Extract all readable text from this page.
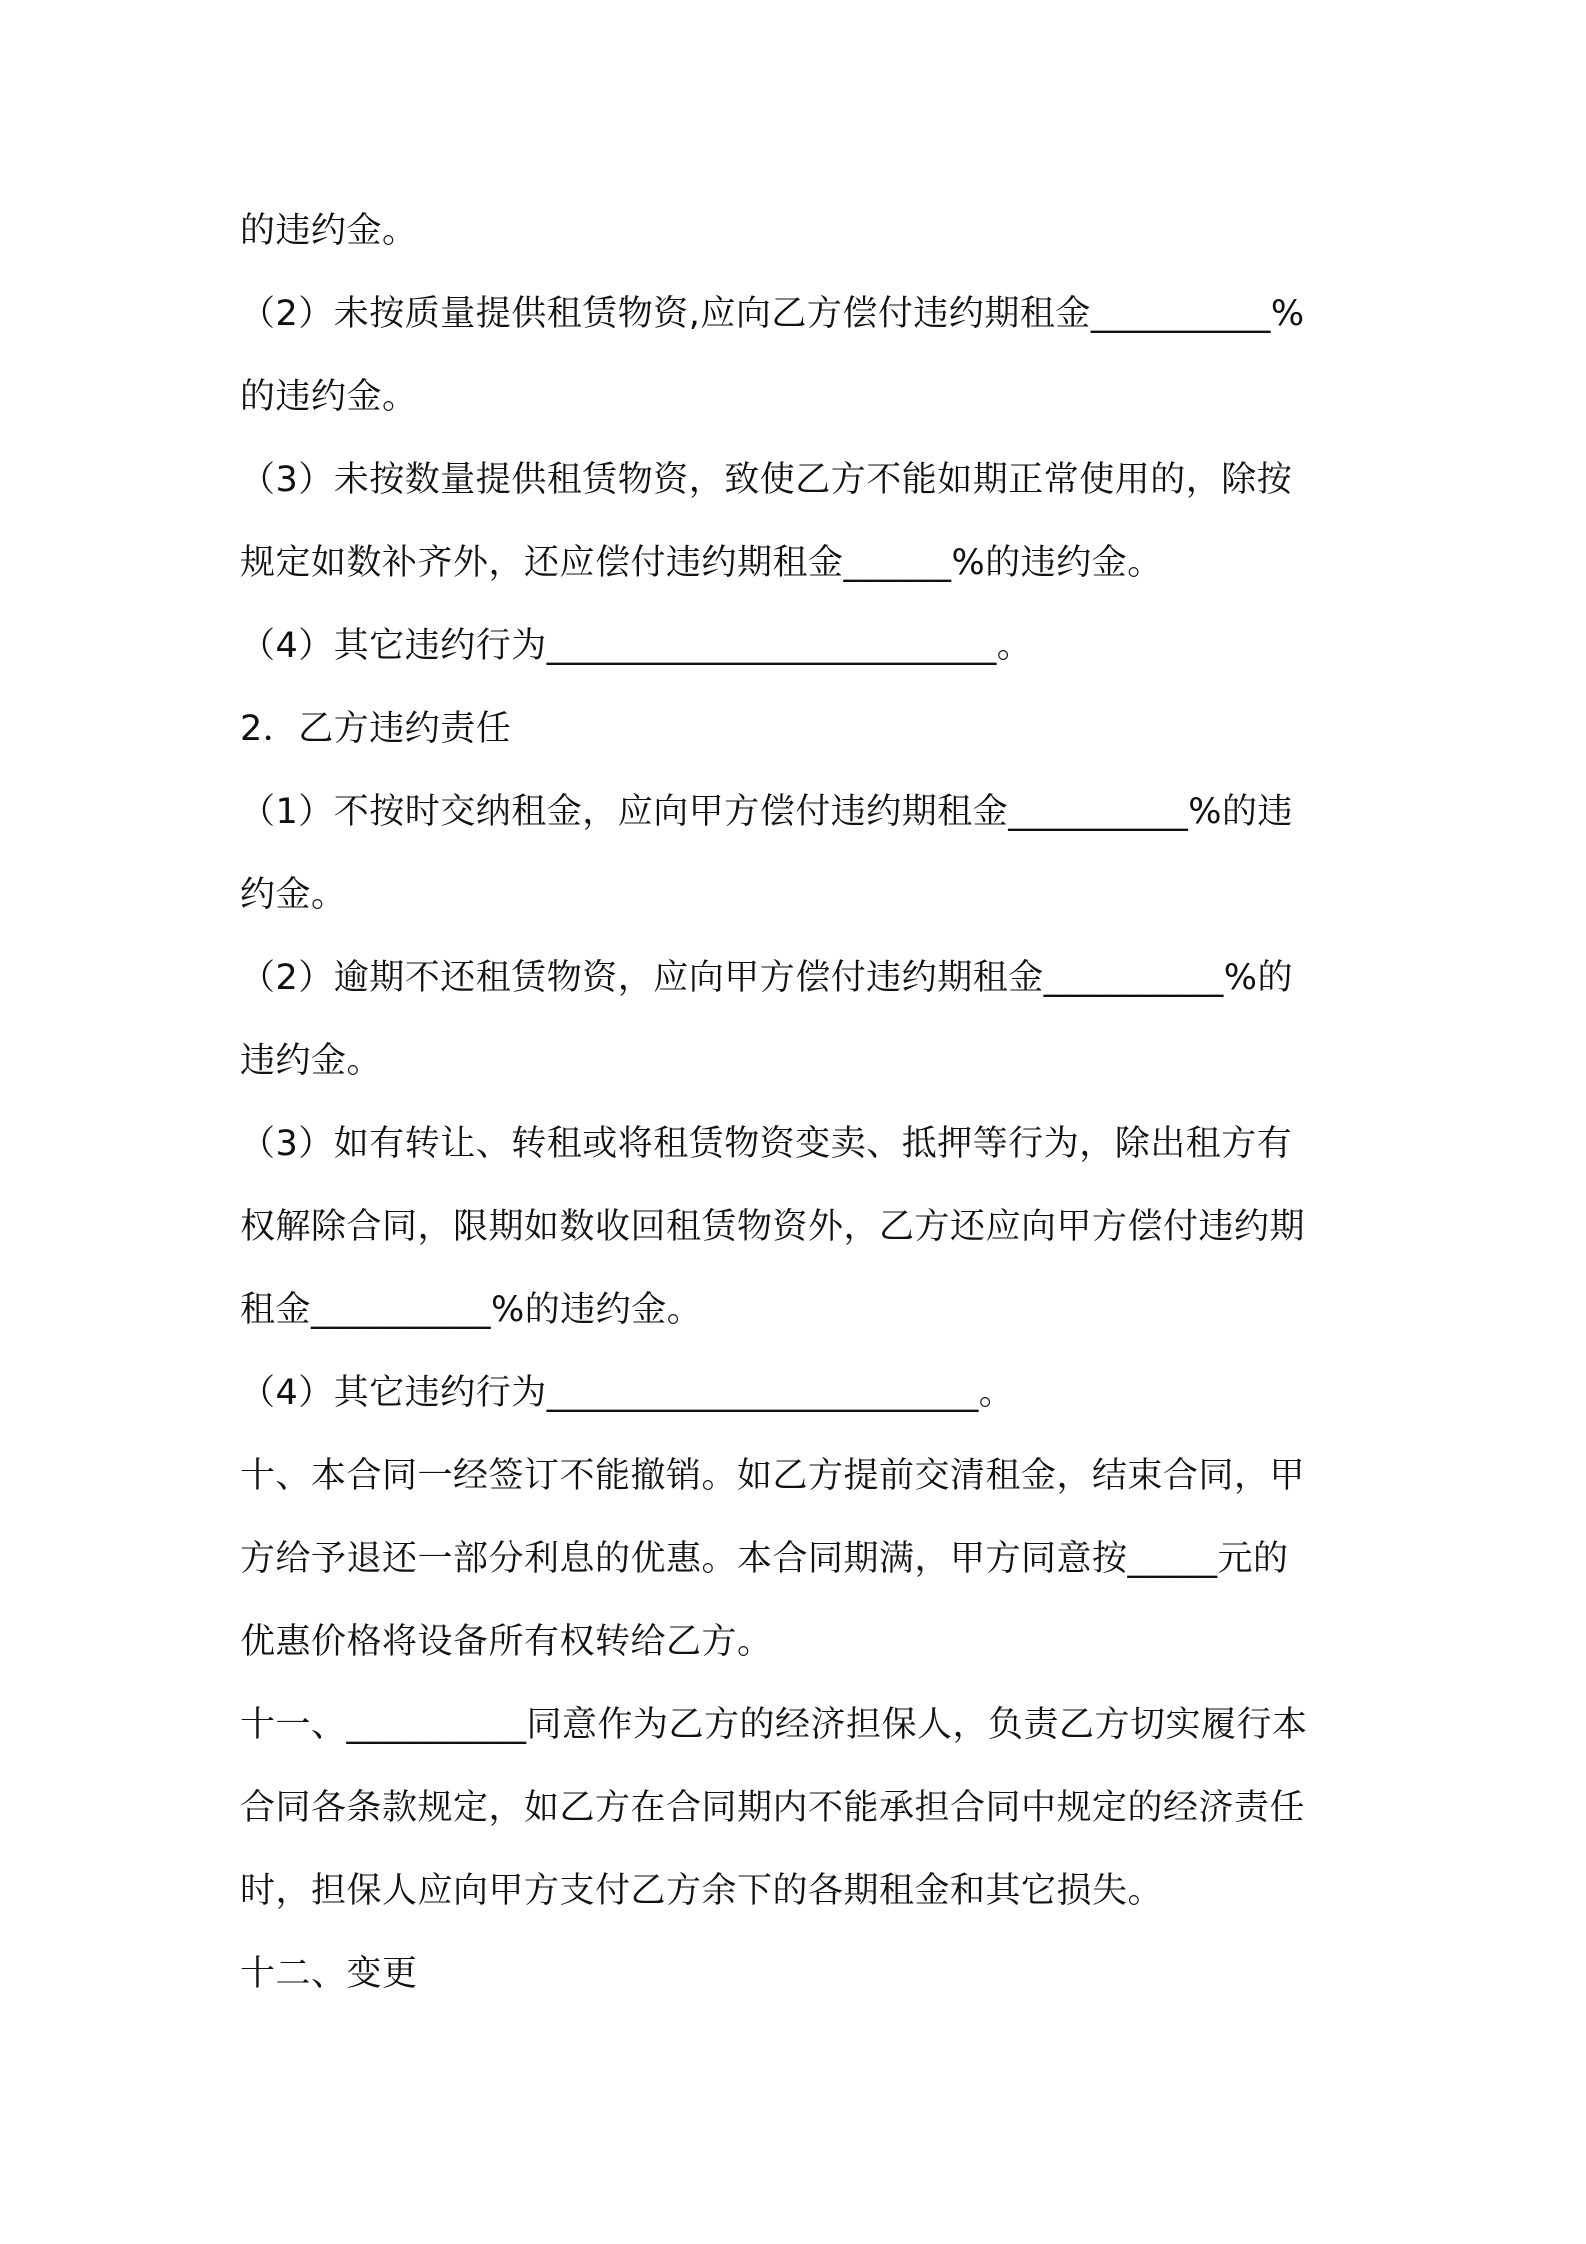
的违约金。
（2）未按质量提供租赁物资,应向乙方偿付违约期租金__________%
的违约金。
（3）未按数量提供租赁物资，致使乙方不能如期正常使用的，除按
规定如数补齐外，还应偿付违约期租金______%的违约金。
（4）其它违约行为_________________________。
2．乙方违约责任
（1）不按时交纳租金，应向甲方偿付违约期租金__________%的违
约金。
（2）逾期不还租赁物资，应向甲方偿付违约期租金__________%的
违约金。
（3）如有转让、转租或将租赁物资变卖、抵押等行为，除出租方有
权解除合同，限期如数收回租赁物资外，乙方还应向甲方偿付违约期
租金__________%的违约金。
（4）其它违约行为________________________。
十、本合同一经签订不能撤销。如乙方提前交清租金，结束合同，甲
方给予退还一部分利息的优惠。本合同期满，甲方同意按_____元的
优惠价格将设备所有权转给乙方。
十一、__________同意作为乙方的经济担保人，负责乙方切实履行本
合同各条款规定，如乙方在合同期内不能承担合同中规定的经济责任
时，担保人应向甲方支付乙方余下的各期租金和其它损失。
十二、变更
